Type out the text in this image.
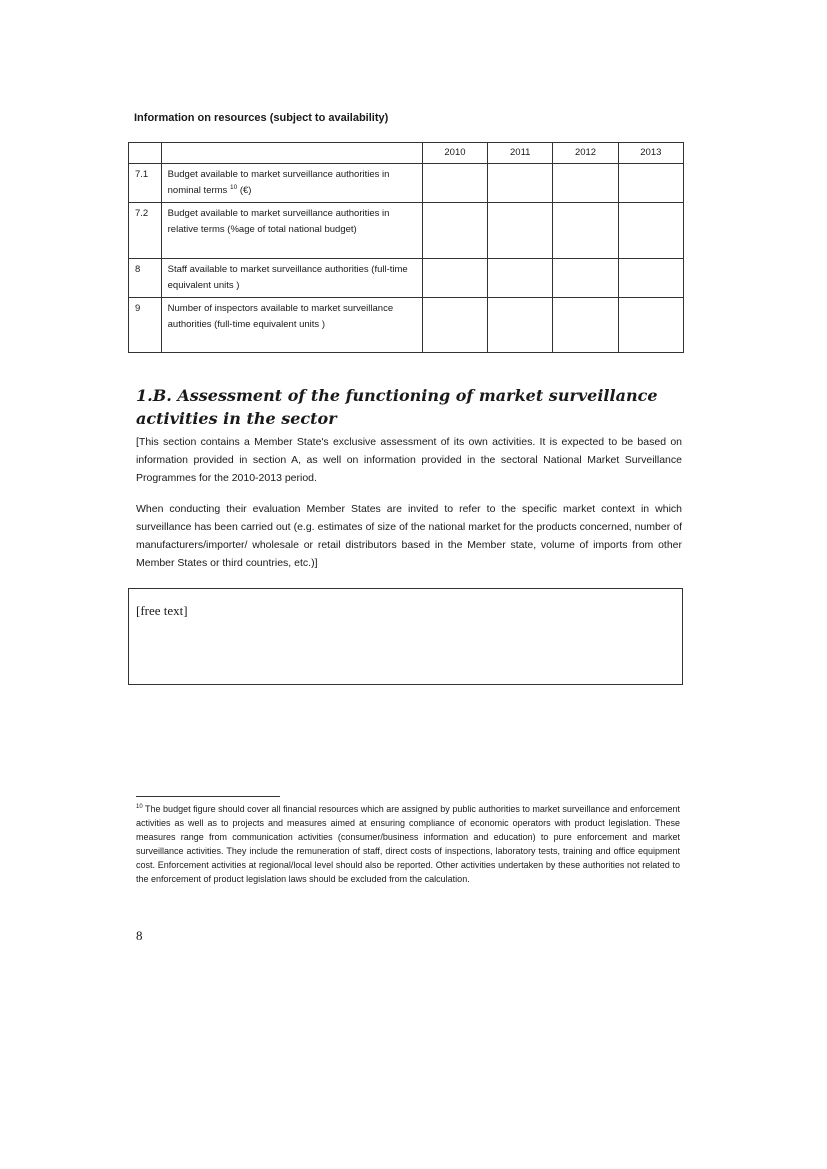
Information on resources (subject to availability)

		2010	2011	2012	2013
7.1	Budget available to market surveillance authorities in nominal terms $^{10}$ (€)				
7.2	Budget available to market surveillance authorities in relative terms (%age of total national budget)				
8	Staff available to market surveillance authorities (full-time equivalent units )				
9	Number of inspectors available to market surveillance authorities (full-time equivalent units )				
1.B. Assessment of the functioning of market surveillance activities in the sector

[This section contains a Member State's exclusive assessment of its own activities. It is expected to be based on information provided in section A, as well on information provided in the sectoral National Market Surveillance Programmes for the 2010-2013 period.

When conducting their evaluation Member States are invited to refer to the specific market context in which surveillance has been carried out (e.g. estimates of size of the national market for the products concerned, number of manufacturers/importer/ wholesale or retail distributors based in the Member state, volume of imports from other Member States or third countries, etc.)]

[free text]

$^{10}$ The budget figure should cover all financial resources which are assigned by public authorities to market surveillance and enforcement activities as well as to projects and measures aimed at ensuring compliance of economic operators with product legislation. These measures range from communication activities (consumer/business information and education) to pure enforcement and market surveillance activities. They include the remuneration of staff, direct costs of inspections, laboratory tests, training and office equipment cost. Enforcement activities at regional/local level should also be reported. Other activities undertaken by these authorities not related to the enforcement of product legislation laws should be excluded from the calculation.

8
